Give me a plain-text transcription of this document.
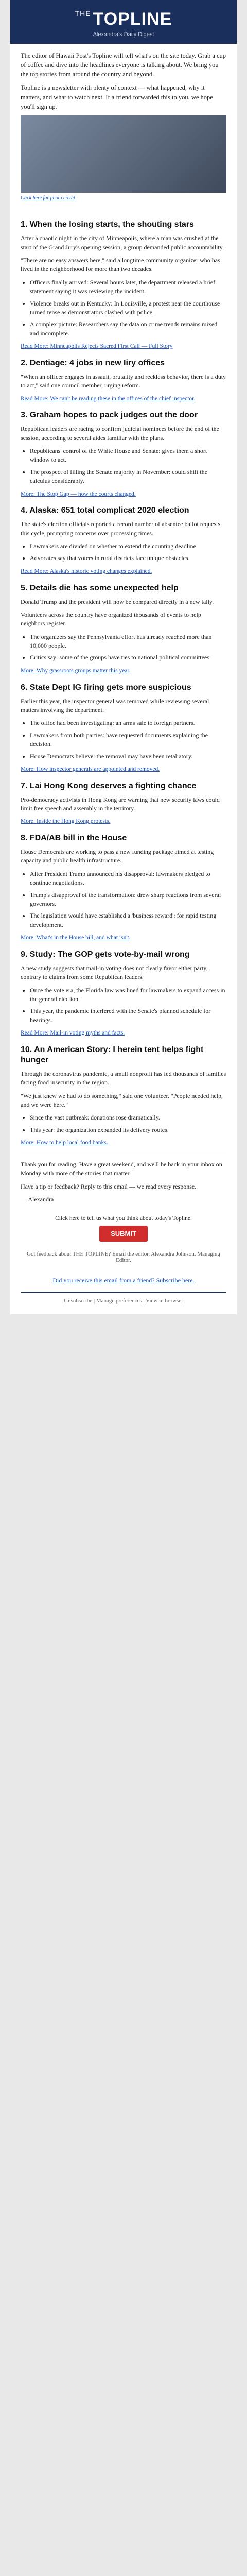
$^{THE}$ TOPLINE
Alexandra's Daily Digest

The editor of Hawaii Post's Topline will tell what's on the site today. Grab a cup of coffee and dive into the headlines everyone is talking about. We bring you the top stories from around the country and beyond.

Topline is a newsletter with plenty of context — what happened, why it matters, and what to watch next. If a friend forwarded this to you, we hope you'll sign up.

Click here for photo credit
1. When the losing starts, the shouting stars

After a chaotic night in the city of Minneapolis, where a man was crushed at the start of the Grand Jury's opening session, a group demanded public accountability.

"There are no easy answers here," said a longtime community organizer who has lived in the neighborhood for more than two decades.

• Officers finally arrived: Several hours later, the department released a brief statement saying it was reviewing the incident.
• Violence breaks out in Kentucky: In Louisville, a protest near the courthouse turned tense as demonstrators clashed with police.
• A complex picture: Researchers say the data on crime trends remains mixed and incomplete.

Read More: Minneapolis Rejects Sacred First Call — Full Story

2. Dentiage: 4 jobs in new Iiry offices

"When an officer engages in assault, brutality and reckless behavior, there is a duty to act," said one council member, urging reform.

Read More: We can't be reading these in the offices of the chief inspector.

3. Graham hopes to pack judges out the door

Republican leaders are racing to confirm judicial nominees before the end of the session, according to several aides familiar with the plans.

• Republicans' control of the White House and Senate: gives them a short window to act.
• The prospect of filling the Senate majority in November: could shift the calculus considerably.

More: The Stop Gap — how the courts changed.

4. Alaska: 651 total complicat 2020 election

The state's election officials reported a record number of absentee ballot requests this cycle, prompting concerns over processing times.

• Lawmakers are divided on whether to extend the counting deadline.
• Advocates say that voters in rural districts face unique obstacles.

Read More: Alaska's historic voting changes explained.

5. Details die has some unexpected help

Donald Trump and the president will now be compared directly in a new tally.

Volunteers across the country have organized thousands of events to help neighbors register.

• The organizers say the Pennsylvania effort has already reached more than 10,000 people.
• Critics say: some of the groups have ties to national political committees.

More: Why grassroots groups matter this year.

6. State Dept IG firing gets more suspicious

Earlier this year, the inspector general was removed while reviewing several matters involving the department.

• The office had been investigating: an arms sale to foreign partners.
• Lawmakers from both parties: have requested documents explaining the decision.
• House Democrats believe: the removal may have been retaliatory.

More: How inspector generals are appointed and removed.

7. Lai Hong Kong deserves a fighting chance

Pro-democracy activists in Hong Kong are warning that new security laws could limit free speech and assembly in the territory.

More: Inside the Hong Kong protests.

8. FDA/AB bill in the House

House Democrats are working to pass a new funding package aimed at testing capacity and public health infrastructure.

• After President Trump announced his disapproval: lawmakers pledged to continue negotiations.
• Trump's disapproval of the transformation: drew sharp reactions from several governors.
• The legislation would have established a 'business reward': for rapid testing development.

More: What's in the House bill, and what isn't.

9. Study: The GOP gets vote-by-mail wrong

A new study suggests that mail-in voting does not clearly favor either party, contrary to claims from some Republican leaders.

• Once the vote era, the Florida law was lined for lawmakers to expand access in the general election.
• This year, the pandemic interfered with the Senate's planned schedule for hearings.

Read More: Mail-in voting myths and facts.

10. An American Story: I herein tent helps fight hunger

Through the coronavirus pandemic, a small nonprofit has fed thousands of families facing food insecurity in the region.

"We just knew we had to do something," said one volunteer. "People needed help, and we were here."

• Since the vast outbreak: donations rose dramatically.
• This year: the organization expanded its delivery routes.

More: How to help local food banks.

Thank you for reading. Have a great weekend, and we'll be back in your inbox on Monday with more of the stories that matter.

Have a tip or feedback? Reply to this email — we read every response.

— Alexandra

Click here to tell us what you think about today's Topline.

SUBMIT
Got feedback about THE TOPLINE? Email the editor. Alexandra Johnson, Managing Editor.
Did you receive this email from a friend? Subscribe here.
Unsubscribe | Manage preferences | View in browser
